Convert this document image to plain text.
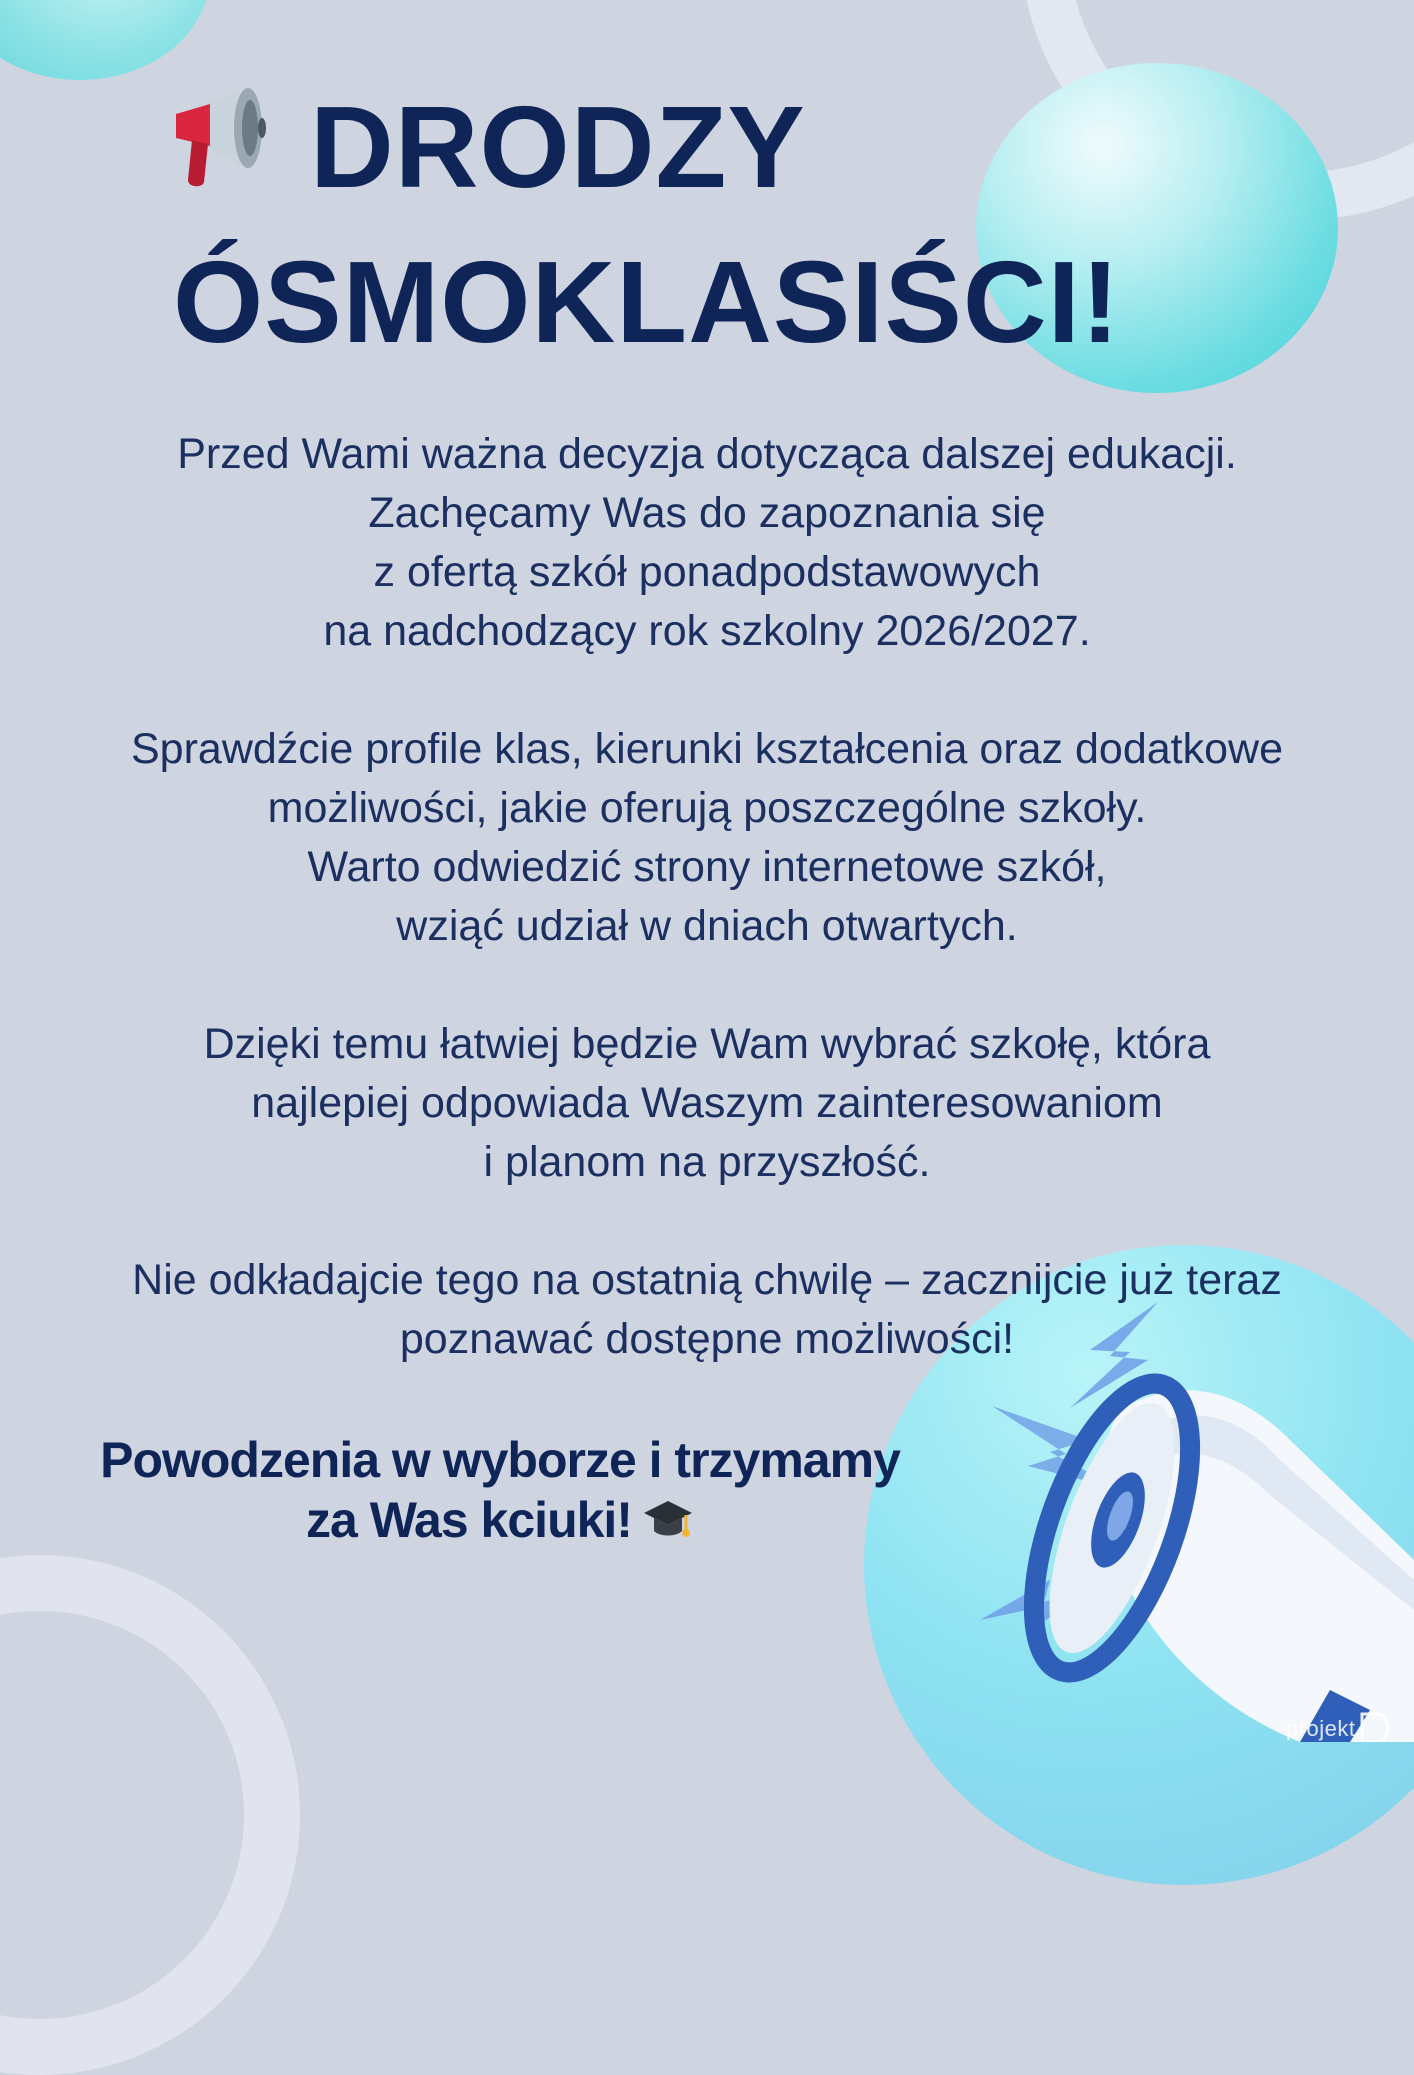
DRODZY
ÓSMOKLASIŚCI!

Przed Wami ważna decyzja dotycząca dalszej edukacji.
Zachęcamy Was do zapoznania się
z ofertą szkół ponadpodstawowych
na nadchodzący rok szkolny 2026/2027.

Sprawdźcie profile klas, kierunki kształcenia oraz dodatkowe
możliwości, jakie oferują poszczególne szkoły.
Warto odwiedzić strony internetowe szkół,
wziąć udział w dniach otwartych.

Dzięki temu łatwiej będzie Wam wybrać szkołę, która
najlepiej odpowiada Waszym zainteresowaniom
i planom na przyszłość.

Nie odkładajcie tego na ostatnią chwilę – zacznijcie już teraz
poznawać dostępne możliwości!

Powodzenia w wyborze i trzymamy
za Was kciuki!
projekt
